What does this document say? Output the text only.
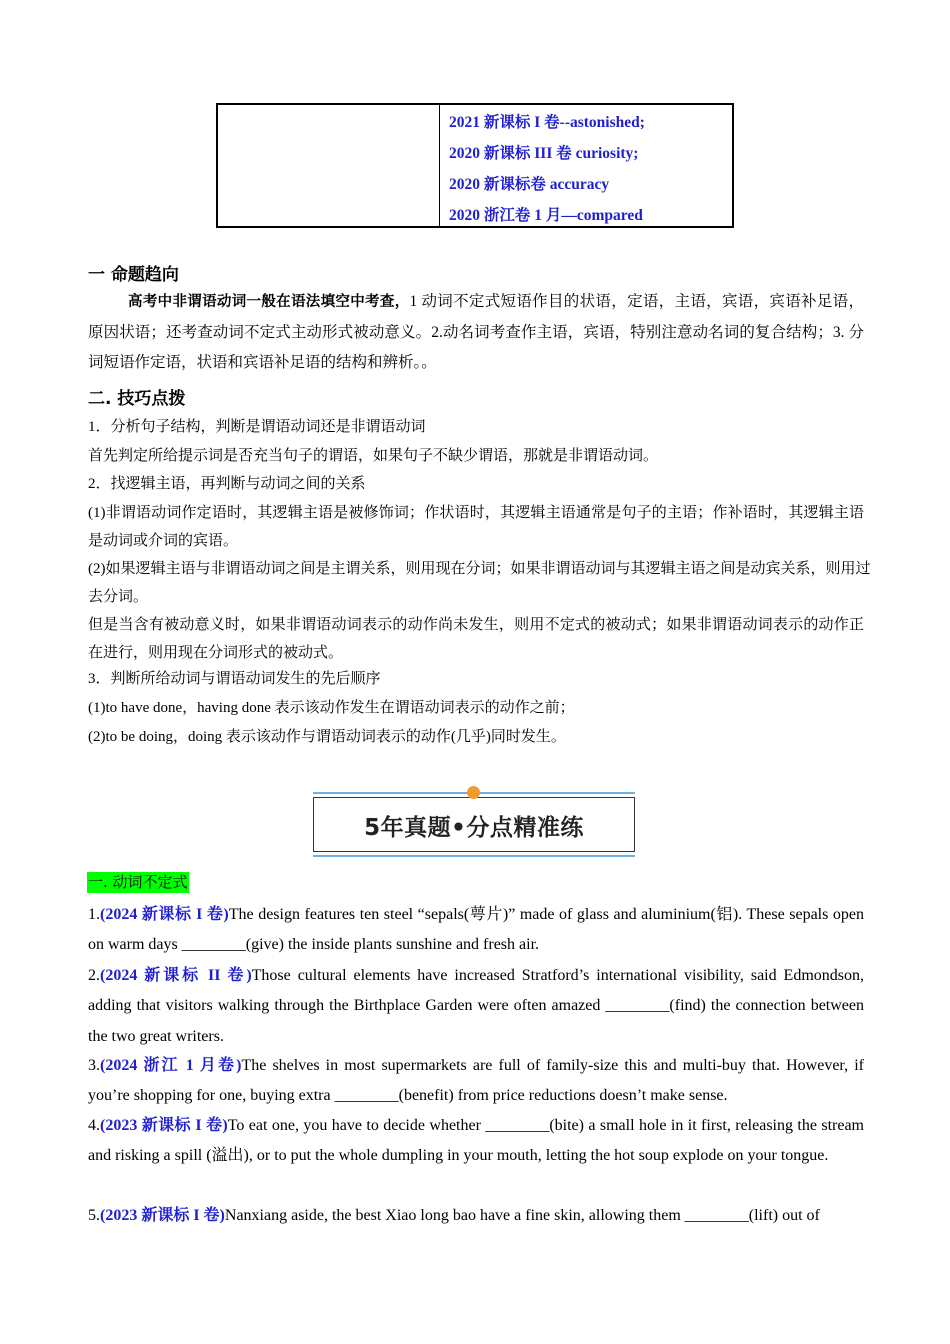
2021 新课标 I 卷--astonished;
2020 新课标 III 卷 curiosity;
2020 新课标卷 accuracy
2020 浙江卷 1 月—compared
一 命题趋向
高考中非谓语动词一般在语法填空中考查，1 动词不定式短语作目的状语，定语，主语，宾语，宾语补足语，原因状语；还考查动词不定式主动形式被动意义。2.动名词考查作主语，宾语，特别注意动名词的复合结构；3. 分词短语作定语，状语和宾语补足语的结构和辨析。。
二. 技巧点拨
1．分析句子结构，判断是谓语动词还是非谓语动词
首先判定所给提示词是否充当句子的谓语，如果句子不缺少谓语，那就是非谓语动词。
2．找逻辑主语，再判断与动词之间的关系
(1)非谓语动词作定语时，其逻辑主语是被修饰词；作状语时，其逻辑主语通常是句子的主语；作补语时，其逻辑主语是动词或介词的宾语。
(2)如果逻辑主语与非谓语动词之间是主谓关系，则用现在分词；如果非谓语动词与其逻辑主语之间是动宾关系，则用过去分词。
但是当含有被动意义时，如果非谓语动词表示的动作尚未发生，则用不定式的被动式；如果非谓语动词表示的动作正在进行，则用现在分词形式的被动式。
3．判断所给动词与谓语动词发生的先后顺序
(1)to have done，having done 表示该动作发生在谓语动词表示的动作之前；
(2)to be doing，doing 表示该动作与谓语动词表示的动作(几乎)同时发生。
5年真题•分点精准练
一. 动词不定式
1.(2024 新课标 I 卷)The design features ten steel “sepals(萼片)” made of glass and aluminium(铝). These sepals open on warm days ________(give) the inside plants sunshine and fresh air.
2.(2024 新课标 II 卷)Those cultural elements have increased Stratford’s international visibility, said Edmondson, adding that visitors walking through the Birthplace Garden were often amazed ________(find) the connection between the two great writers.
3.(2024 浙江 1 月卷)The shelves in most supermarkets are full of family-size this and multi-buy that. However, if you’re shopping for one, buying extra ________(benefit) from price reductions doesn’t make sense.
4.(2023 新课标 I 卷)To eat one, you have to decide whether ________(bite) a small hole in it first, releasing the stream and risking a spill (溢出), or to put the whole dumpling in your mouth, letting the hot soup explode on your tongue.
5.(2023 新课标 I 卷)Nanxiang aside, the best Xiao long bao have a fine skin, allowing them ________(lift) out of
